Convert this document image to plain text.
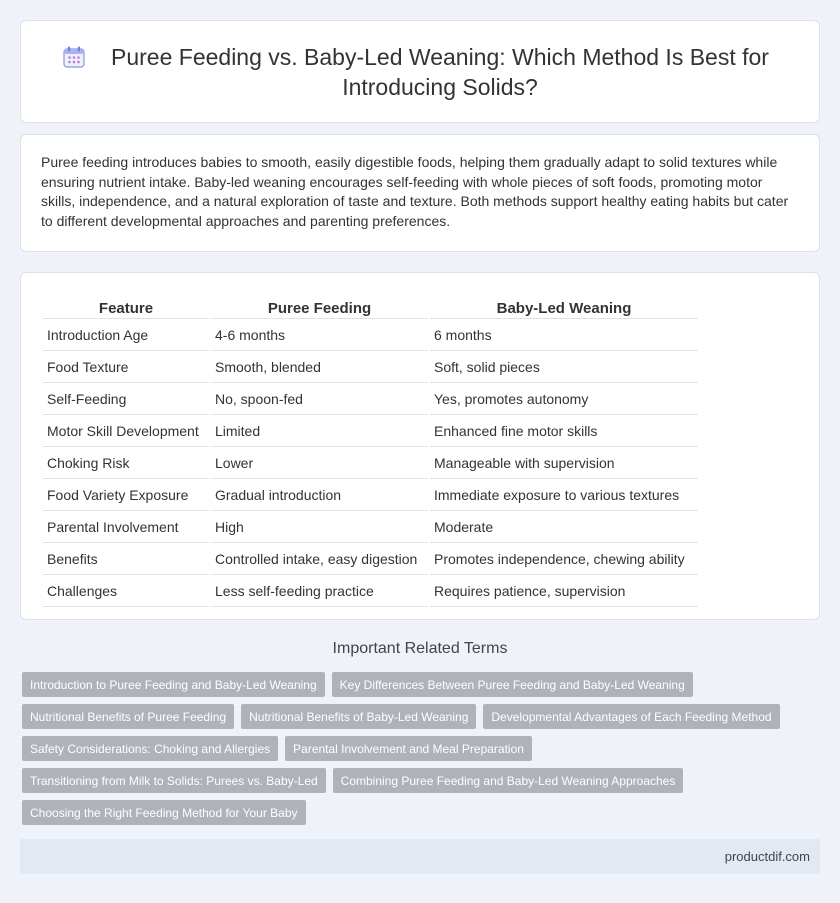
Puree Feeding vs. Baby-Led Weaning: Which Method Is Best for Introducing Solids?

Puree feeding introduces babies to smooth, easily digestible foods, helping them gradually adapt to solid textures while ensuring nutrient intake. Baby-led weaning encourages self-feeding with whole pieces of soft foods, promoting motor skills, independence, and a natural exploration of taste and texture. Both methods support healthy eating habits but cater to different developmental approaches and parenting preferences.

Feature	Puree Feeding	Baby-Led Weaning
Introduction Age	4-6 months	6 months
Food Texture	Smooth, blended	Soft, solid pieces
Self-Feeding	No, spoon-fed	Yes, promotes autonomy
Motor Skill Development	Limited	Enhanced fine motor skills
Choking Risk	Lower	Manageable with supervision
Food Variety Exposure	Gradual introduction	Immediate exposure to various textures
Parental Involvement	High	Moderate
Benefits	Controlled intake, easy digestion	Promotes independence, chewing ability
Challenges	Less self-feeding practice	Requires patience, supervision
Important Related Terms
Introduction to Puree Feeding and Baby-Led Weaning	Key Differences Between Puree Feeding and Baby-Led Weaning
Nutritional Benefits of Puree Feeding	Nutritional Benefits of Baby-Led Weaning	Developmental Advantages of Each Feeding Method
Safety Considerations: Choking and Allergies	Parental Involvement and Meal Preparation
Transitioning from Milk to Solids: Purees vs. Baby-Led	Combining Puree Feeding and Baby-Led Weaning Approaches
Choosing the Right Feeding Method for Your Baby
productdif.com
